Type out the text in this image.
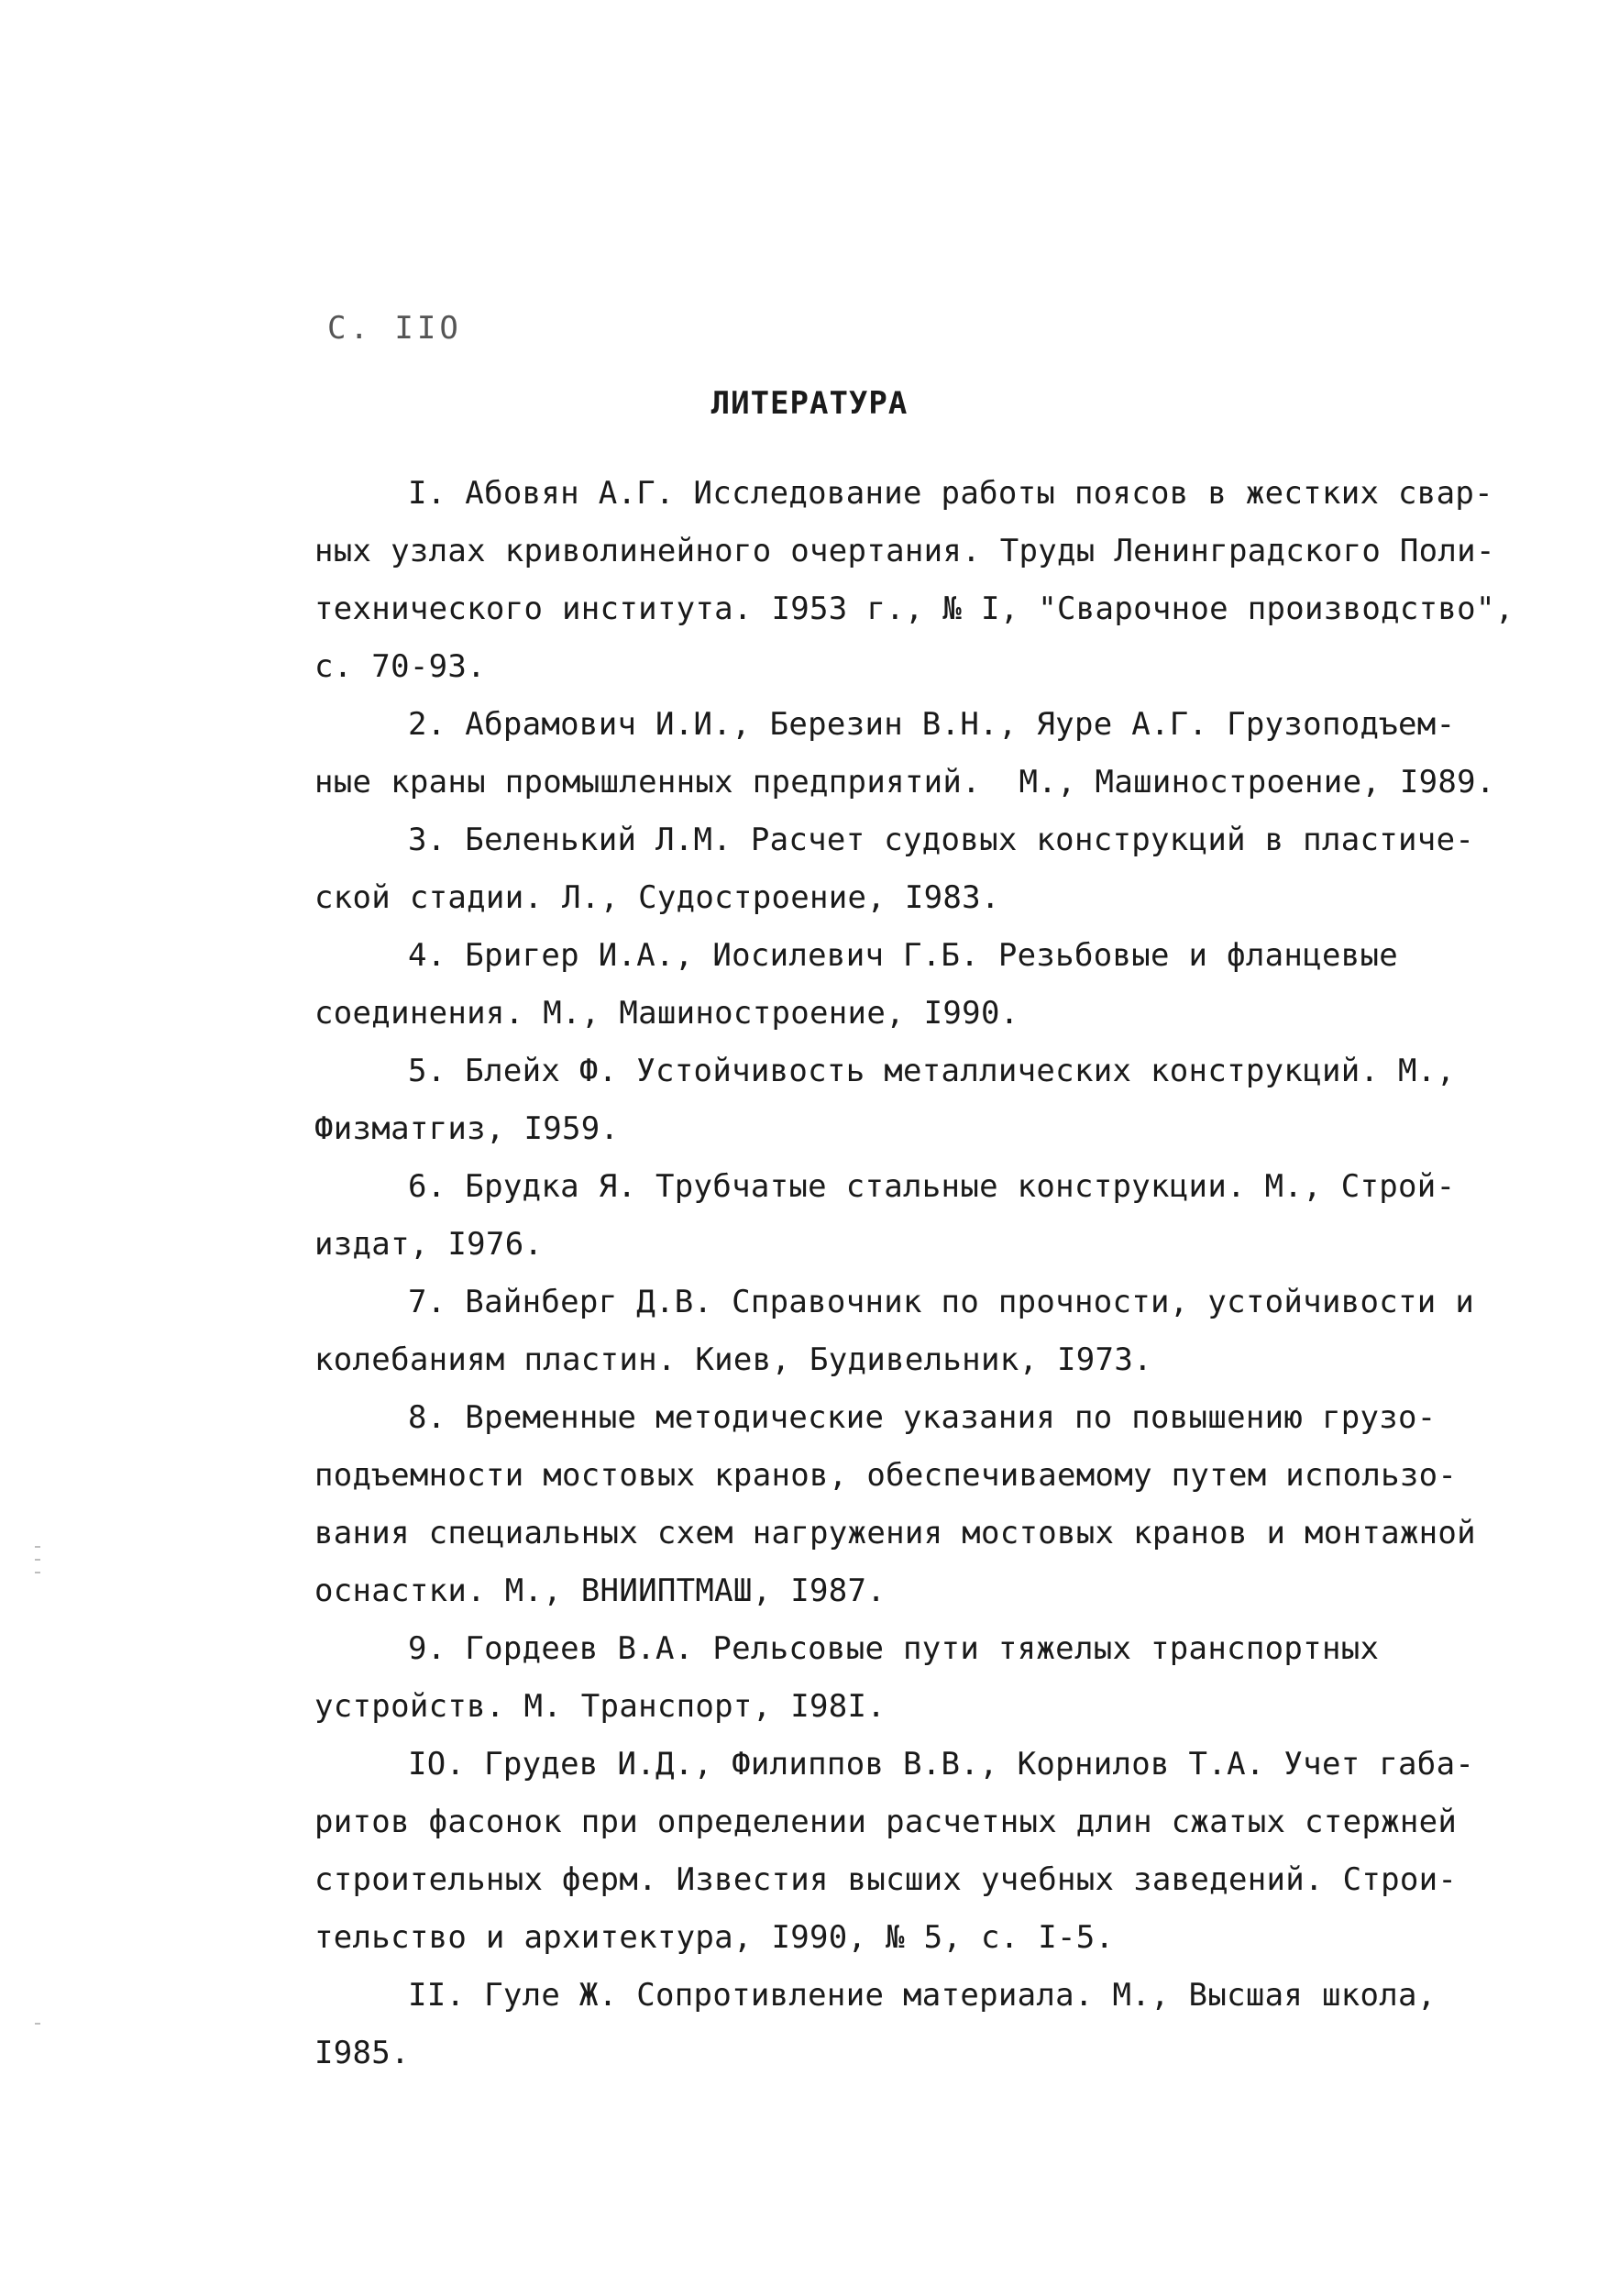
С. IIО
ЛИТЕРАТУРА
I. Абовян А.Г. Исследование работы поясов в жестких свар-
ных узлах криволинейного очертания. Труды Ленинградского Поли-
технического института. I953 г., № I, "Сварочное производство",
с. 70-93.
2. Абрамович И.И., Березин В.Н., Яуре А.Г. Грузоподъем-
ные краны промышленных предприятий.  М., Машиностроение, I989.
3. Беленький Л.М. Расчет судовых конструкций в пластиче-
ской стадии. Л., Судостроение, I983.
4. Бригер И.А., Иосилевич Г.Б. Резьбовые и фланцевые
соединения. М., Машиностроение, I990.
5. Блейх Ф. Устойчивость металлических конструкций. М.,
Физматгиз, I959.
6. Брудка Я. Трубчатые стальные конструкции. М., Строй-
издат, I976.
7. Вайнберг Д.В. Справочник по прочности, устойчивости и
колебаниям пластин. Киев, Будивельник, I973.
8. Временные методические указания по повышению грузо-
подъемности мостовых кранов, обеспечиваемому путем использо-
вания специальных схем нагружения мостовых кранов и монтажной
оснастки. М., ВНИИПТМАШ, I987.
9. Гордеев В.А. Рельсовые пути тяжелых транспортных
устройств. М. Транспорт, I98I.
IO. Грудев И.Д., Филиппов В.В., Корнилов Т.А. Учет габа-
ритов фасонок при определении расчетных длин сжатых стержней
строительных ферм. Известия высших учебных заведений. Строи-
тельство и архитектура, I990, № 5, с. I-5.
II. Гуле Ж. Сопротивление материала. М., Высшая школа,
I985.
